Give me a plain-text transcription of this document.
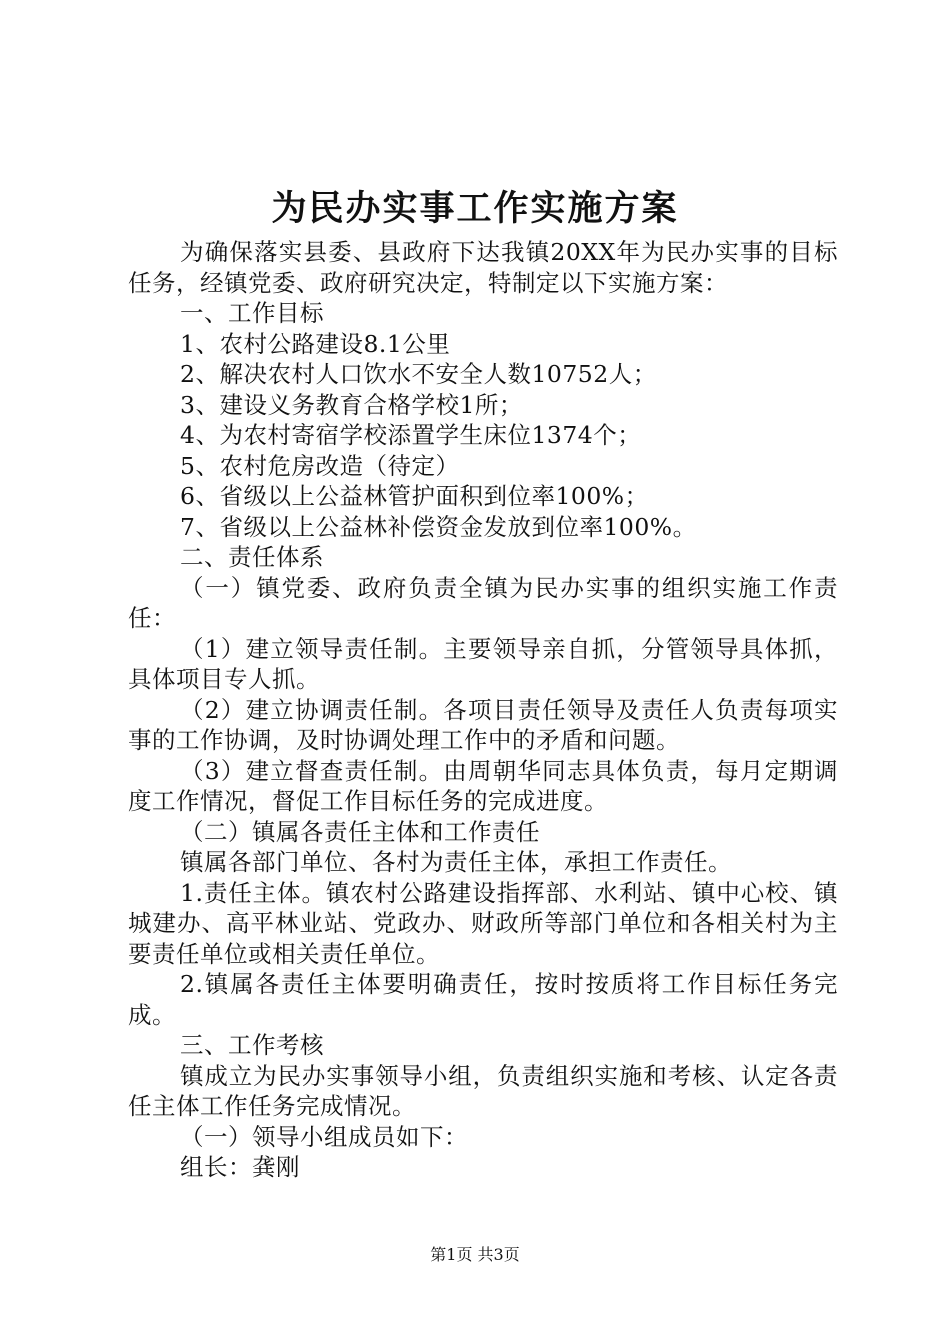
为民办实事工作实施方案

为确保落实县委、县政府下达我镇20XX年为民办实事的目标任务，经镇党委、政府研究决定，特制定以下实施方案：

一、工作目标

1、农村公路建设8.1公里

2、解决农村人口饮水不安全人数10752人；

3、建设义务教育合格学校1所；

4、为农村寄宿学校添置学生床位1374个；

5、农村危房改造（待定）

6、省级以上公益林管护面积到位率100%；

7、省级以上公益林补偿资金发放到位率100%。

二、责任体系

（一）镇党委、政府负责全镇为民办实事的组织实施工作责任：

（1）建立领导责任制。主要领导亲自抓，分管领导具体抓，具体项目专人抓。

（2）建立协调责任制。各项目责任领导及责任人负责每项实事的工作协调，及时协调处理工作中的矛盾和问题。

（3）建立督查责任制。由周朝华同志具体负责，每月定期调度工作情况，督促工作目标任务的完成进度。

（二）镇属各责任主体和工作责任

镇属各部门单位、各村为责任主体，承担工作责任。

1.责任主体。镇农村公路建设指挥部、水利站、镇中心校、镇城建办、高平林业站、党政办、财政所等部门单位和各相关村为主要责任单位或相关责任单位。

2.镇属各责任主体要明确责任，按时按质将工作目标任务完成。

三、工作考核

镇成立为民办实事领导小组，负责组织实施和考核、认定各责任主体工作任务完成情况。

（一）领导小组成员如下：

组长：龚刚

第1页 共3页
